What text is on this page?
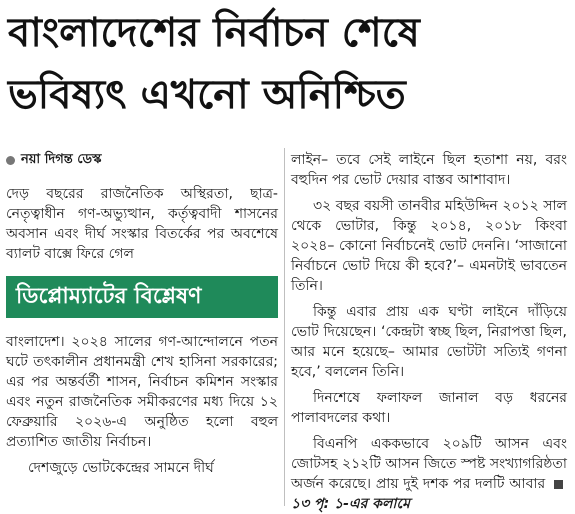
বাংলাদেশের নির্বাচন শেষে
ভবিষ্যৎ এখনো অনিশ্চিত
নয়া দিগন্ত ডেস্ক

দেড় বছরের রাজনৈতিক অস্থিরতা, ছাত্র-নেতৃত্বাধীন গণ-অভ্যুত্থান, কর্তৃত্ববাদী শাসনের অবসান এবং দীর্ঘ সংস্কার বিতর্কের পর অবশেষে ব্যালট বাক্সে ফিরে গেল

ডিপ্লোম্যাটের বিশ্লেষণ

বাংলাদেশ। ২০২৪ সালের গণ-আন্দোলনে পতন ঘটে তৎকালীন প্রধানমন্ত্রী শেখ হাসিনা সরকারের; এর পর অন্তর্বর্তী শাসন, নির্বাচন কমিশন সংস্কার এবং নতুন রাজনৈতিক সমীকরণের মধ্য দিয়ে ১২ ফেব্রুয়ারি ২০২৬-এ অনুষ্ঠিত হলো বহুল প্রত্যাশিত জাতীয় নির্বাচন।

দেশজুড়ে ভোটকেন্দ্রের সামনে দীর্ঘ

লাইন– তবে সেই লাইনে ছিল হতাশা নয়, বরং বহুদিন পর ভোট দেয়ার বাস্তব আশাবাদ।

৩২ বছর বয়সী তানবীর মহিউদ্দিন ২০১২ সাল থেকে ভোটার, কিন্তু ২০১৪, ২০১৮ কিংবা ২০২৪– কোনো নির্বাচনেই ভোট দেননি। ‘সাজানো নির্বাচনে ভোট দিয়ে কী হবে?’– এমনটাই ভাবতেন তিনি।

কিন্তু এবার প্রায় এক ঘণ্টা লাইনে দাঁড়িয়ে ভোট দিয়েছেন। ‘কেন্দ্রটা স্বচ্ছ ছিল, নিরাপত্তা ছিল, আর মনে হয়েছে– আমার ভোটটা সত্যিই গণনা হবে,’ বললেন তিনি।

দিনশেষে ফলাফল জানাল বড় ধরনের পালাবদলের কথা।

বিএনপি এককভাবে ২০৯টি আসন এবং জোটসহ ২১২টি আসন জিতে স্পষ্ট সংখ্যাগরিষ্ঠতা অর্জন করেছে। প্রায় দুই দশক পর দলটি আবার  ১৩ পৃ: ১-এর কলামে
